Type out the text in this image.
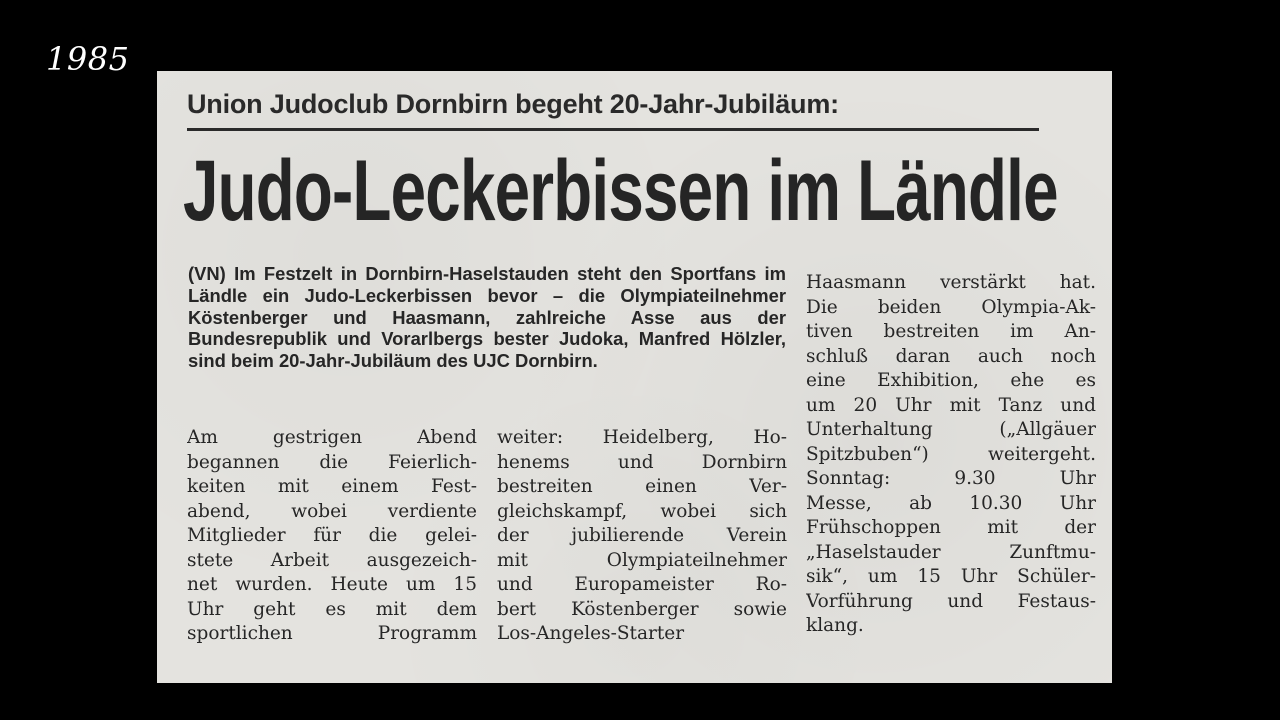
1985
Union Judoclub Dornbirn begeht 20-Jahr-Jubiläum:
Judo-Leckerbissen im Ländle

(VN) Im Festzelt in Dornbirn-Haselstauden steht den Sportfans im Ländle ein Judo-Leckerbissen bevor – die Olympiateilnehmer Köstenberger und Haasmann, zahlreiche Asse aus der Bundesrepublik und Vorarlbergs bester Judoka, Manfred Hölzler, sind beim 20-Jahr-Jubiläum des UJC Dornbirn.

Am	gestrigen	Abend
begannen die Feierlich-
keiten mit einem Fest-
abend, wobei verdiente
Mitglieder für die gelei-
stete Arbeit ausgezeich-
net wurden. Heute um 15
Uhr geht es mit dem
sportlichen Programm
weiter: Heidelberg, Ho-
henems	und	Dornbirn
bestreiten	einen	Ver-
gleichskampf, wobei sich
der jubilierende Verein
mit	Olympiateilnehmer
und Europameister Ro-
bert Köstenberger sowie
Los-Angeles-Starter
Haasmann verstärkt hat.
Die beiden Olympia-Ak-
tiven bestreiten im An-
schluß daran auch noch
eine Exhibition, ehe es
um 20 Uhr mit Tanz und
Unterhaltung	(„Allgäuer
Spitzbuben“)	weitergeht.
Sonntag:	9.30	Uhr
Messe, ab 10.30 Uhr
Frühschoppen mit der
„Haselstauder	Zunftmu-
sik“, um 15 Uhr Schüler-
Vorführung und Festaus-
klang.
